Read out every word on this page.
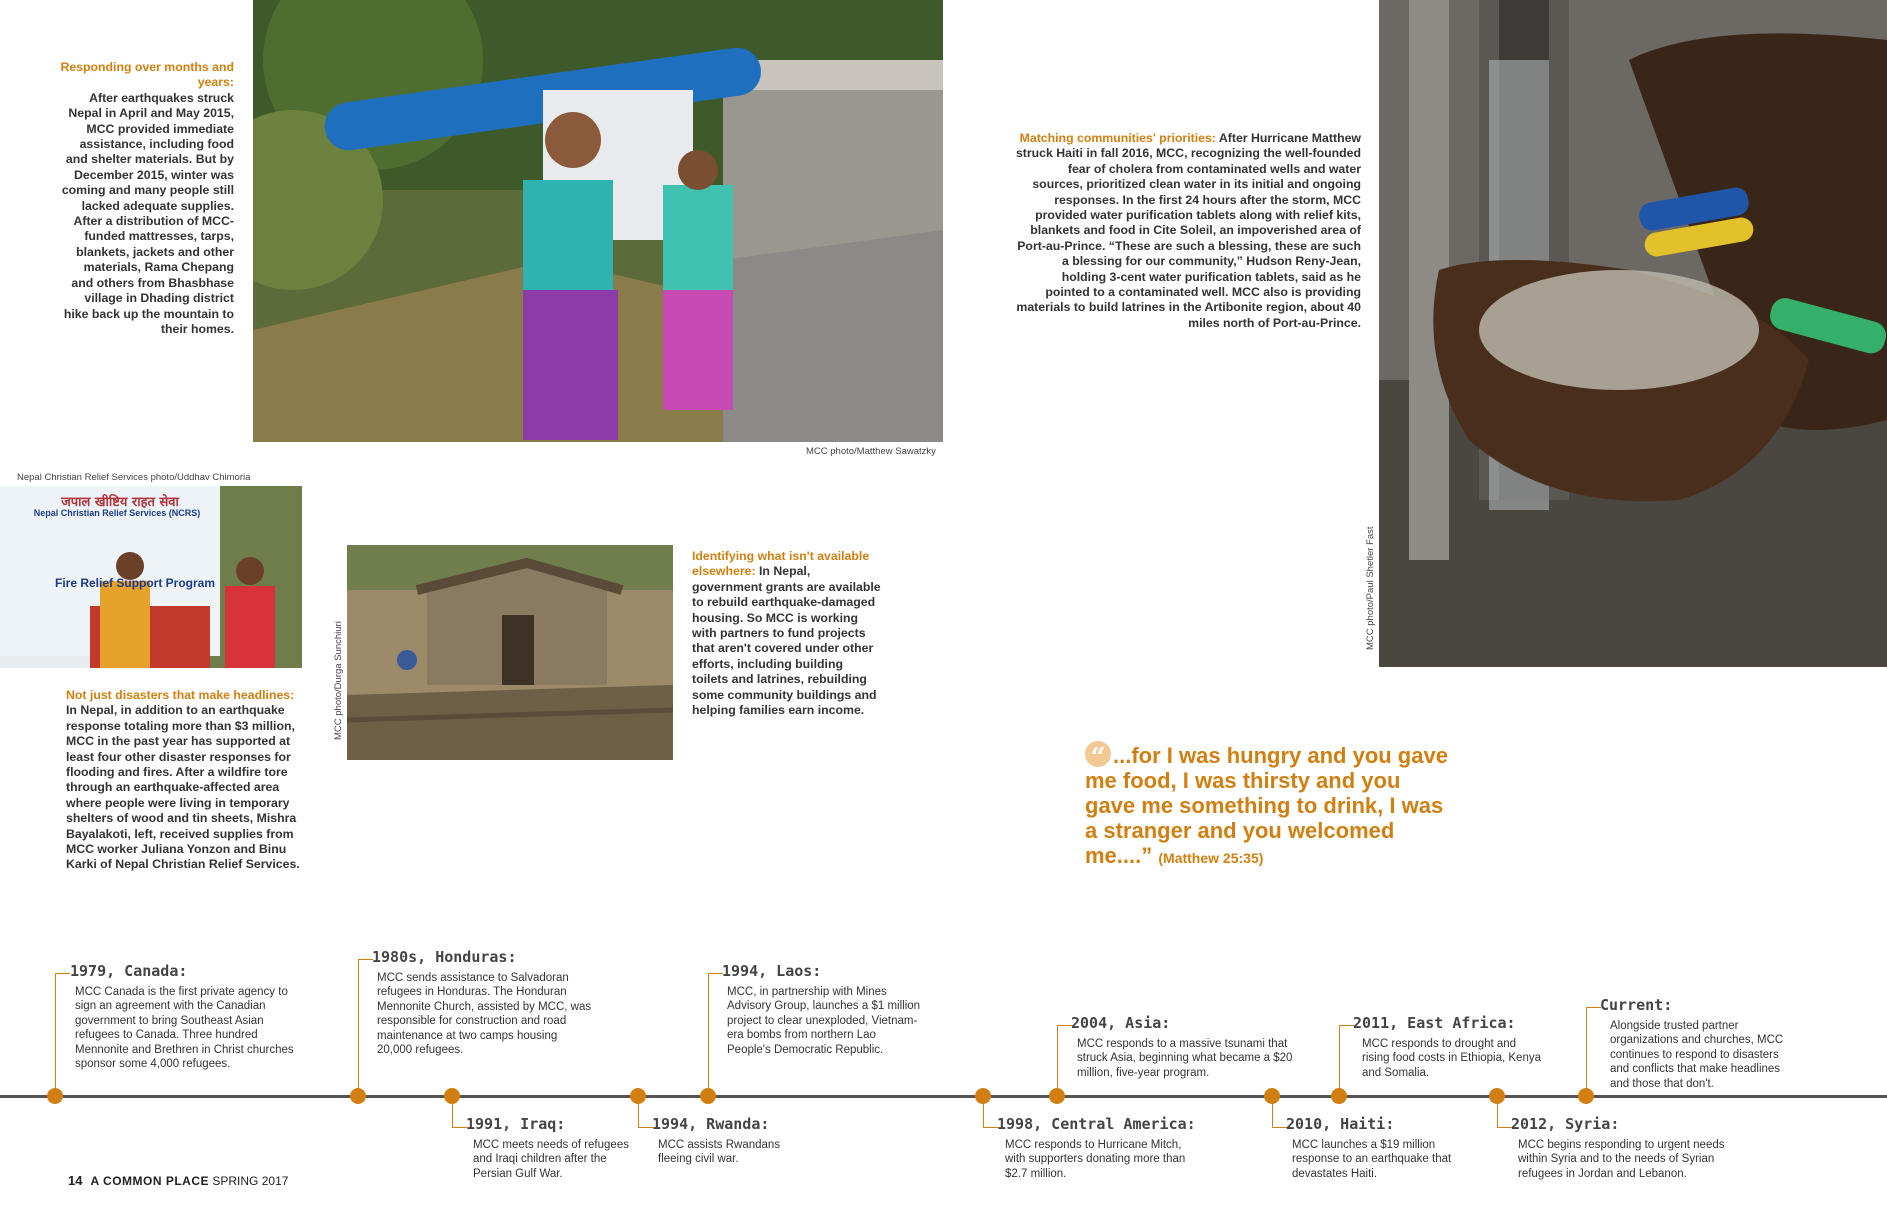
Responding over months and years:
After earthquakes struck Nepal in April and May 2015, MCC provided immediate assistance, including food and shelter materials. But by December 2015, winter was coming and many people still lacked adequate supplies. After a distribution of MCC-funded mattresses, tarps, blankets, jackets and other materials, Rama Chepang and others from Bhasbhase village in Dhading district hike back up the mountain to their homes.
MCC photo/Matthew Sawatzky
Matching communities' priorities: After Hurricane Matthew struck Haiti in fall 2016, MCC, recognizing the well-founded fear of cholera from contaminated wells and water sources, prioritized clean water in its initial and ongoing responses. In the first 24 hours after the storm, MCC provided water purification tablets along with relief kits, blankets and food in Cite Soleil, an impoverished area of Port-au-Prince. “These are such a blessing, these are such a blessing for our community,” Hudson Reny-Jean, holding 3-cent water purification tablets, said as he pointed to a contaminated well. MCC also is providing materials to build latrines in the Artibonite region, about 40 miles north of Port-au-Prince.
MCC photo/Paul Shetler Fast
Nepal Christian Relief Services photo/Uddhav Chimoria
जपाल खीष्टिय राहत सेवा
Nepal Christian Relief Services (NCRS)
Fire Relief Support Program
Not just disasters that make headlines:
In Nepal, in addition to an earthquake response totaling more than $3 million, MCC in the past year has supported at least four other disaster responses for flooding and fires. After a wildfire tore through an earthquake-affected area where people were living in temporary shelters of wood and tin sheets, Mishra Bayalakoti, left, received supplies from MCC worker Juliana Yonzon and Binu Karki of Nepal Christian Relief Services.
MCC photo/Durga Sunchiuri
Identifying what isn't available elsewhere: In Nepal, government grants are available to rebuild earthquake-damaged housing. So MCC is working with partners to fund projects that aren't covered under other efforts, including building toilets and latrines, rebuilding some community buildings and helping families earn income.
“ ...for I was hungry and you gave me food, I was thirsty and you gave me something to drink, I was a stranger and you welcomed me....” (Matthew 25:35)
1979, Canada:
MCC Canada is the first private agency to sign an agreement with the Canadian government to bring Southeast Asian refugees to Canada. Three hundred Mennonite and Brethren in Christ churches sponsor some 4,000 refugees.
1980s, Honduras:
MCC sends assistance to Salvadoran refugees in Honduras. The Honduran Mennonite Church, assisted by MCC, was responsible for construction and road maintenance at two camps housing 20,000 refugees.
1994, Laos:
MCC, in partnership with Mines Advisory Group, launches a $1 million project to clear unexploded, Vietnam-era bombs from northern Lao People's Democratic Republic.
2004, Asia:
MCC responds to a massive tsunami that struck Asia, beginning what became a $20 million, five-year program.
2011, East Africa:
MCC responds to drought and rising food costs in Ethiopia, Kenya and Somalia.
Current:
Alongside trusted partner organizations and churches, MCC continues to respond to disasters and conflicts that make headlines and those that don't.
1991, Iraq:
MCC meets needs of refugees and Iraqi children after the Persian Gulf War.
1994, Rwanda:
MCC assists Rwandans fleeing civil war.
1998, Central America:
MCC responds to Hurricane Mitch, with supporters donating more than $2.7 million.
2010, Haiti:
MCC launches a $19 million response to an earthquake that devastates Haiti.
2012, Syria:
MCC begins responding to urgent needs within Syria and to the needs of Syrian refugees in Jordan and Lebanon.
14 A COMMON PLACE SPRING 2017
